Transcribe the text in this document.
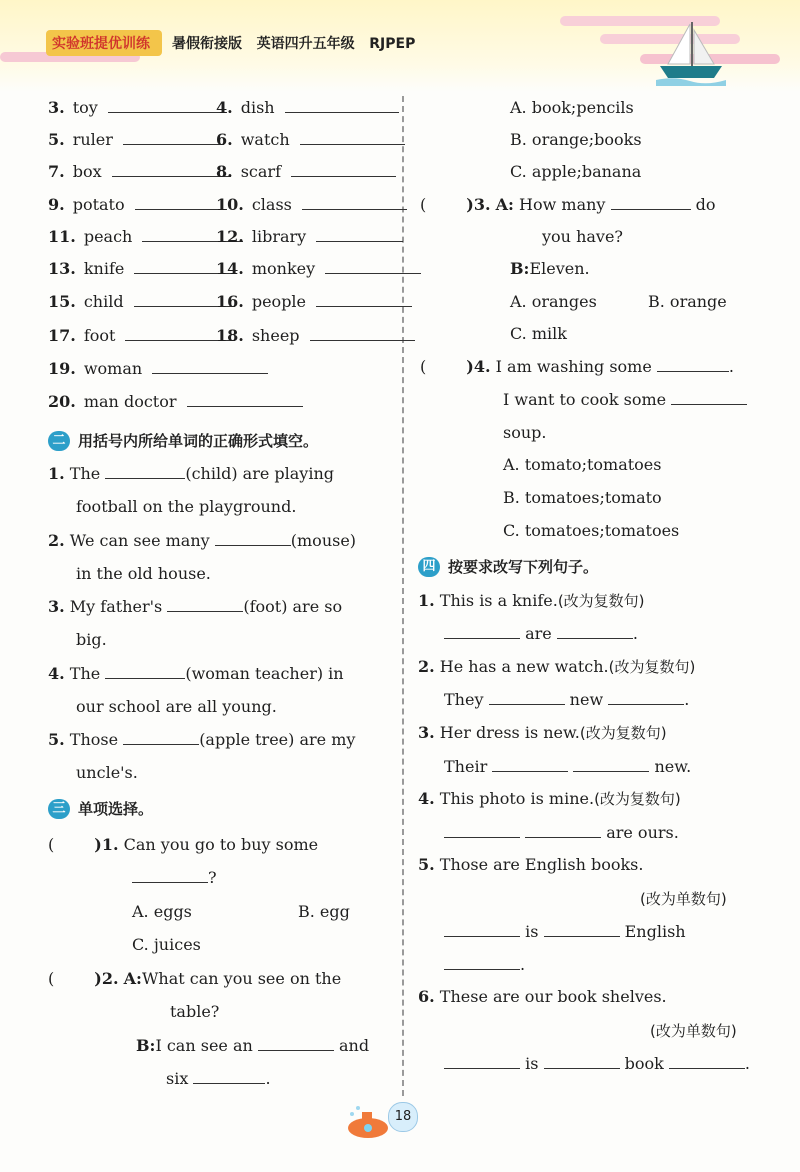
实验班提优训练 暑假衔接版 英语四升五年级 RJPEP
3. toy	4. dish
5. ruler	6. watch
7. box	8. scarf
9. potato	10. class
11. peach	12. library
13. knife	14. monkey
15. child	16. people
17. foot	18. sheep
19. woman
20. man doctor
二 用括号内所给单词的正确形式填空。
1. The	(child) are playing
football on the playground.
2. We can see many	(mouse)
in the old house.
3. My father's	(foot) are so
big.
4. The	(woman teacher) in
our school are all young.
5. Those	(apple tree) are my
uncle's.
三 单项选择。
(	)1. Can you go to buy some
?
A. eggs	B. egg
C. juices
(	)2. A:What can you see on the
table?
B:I can see an	and
six	.
A. book;pencils
B. orange;books
C. apple;banana
(	)3. A: How many	do
you have?
B:Eleven.
A. oranges	B. orange
C. milk
(	)4. I am washing some	.
I want to cook some
soup.
A. tomato;tomatoes
B. tomatoes;tomato
C. tomatoes;tomatoes
四 按要求改写下列句子。
1. This is a knife.(改为复数句)
are	.
2. He has a new watch.(改为复数句)
They	new	.
3. Her dress is new.(改为复数句)
Their	new.
4. This photo is mine.(改为复数句)
are ours.
5. Those are English books.
(改为单数句)
is	English
.
6. These are our book shelves.
(改为单数句)
is	book	.
18
